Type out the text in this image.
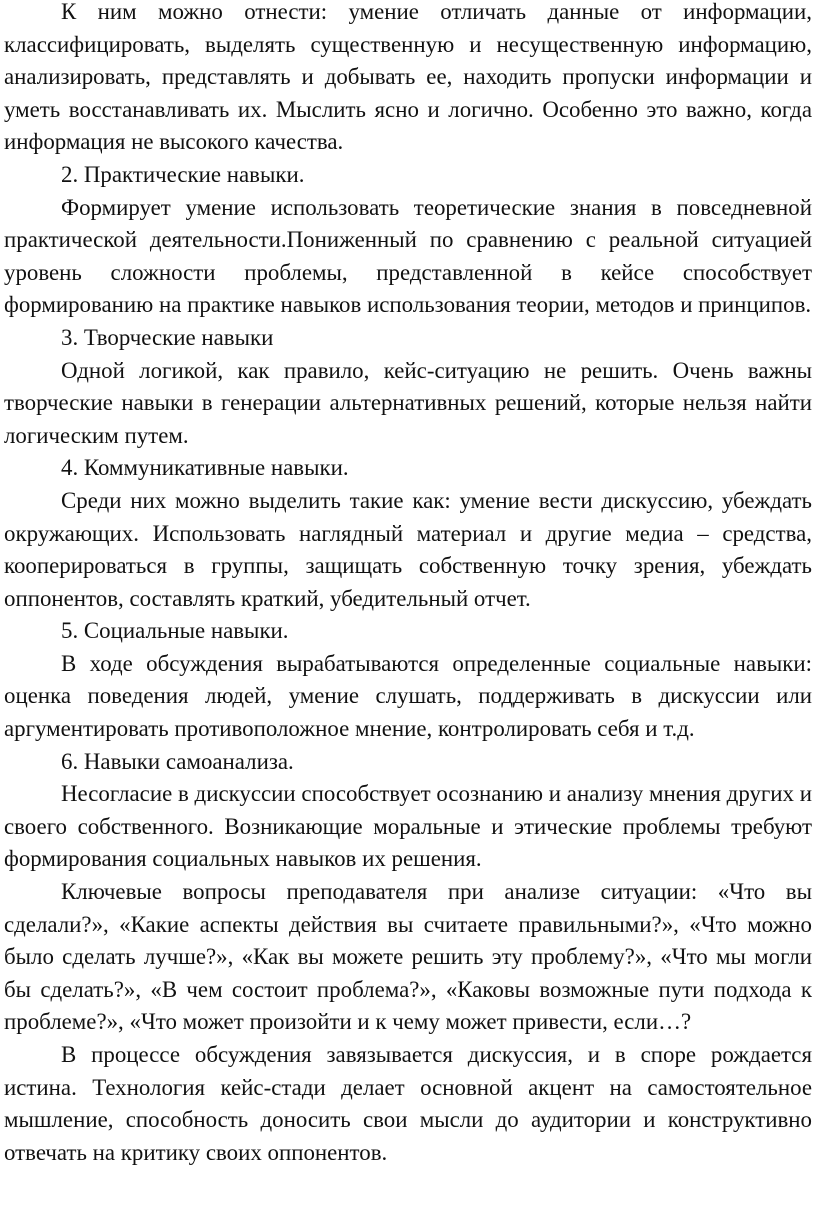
К ним можно отнести: умение отличать данные от информации, классифицировать, выделять существенную и несущественную информацию, анализировать, представлять и добывать ее, находить пропуски информации и уметь восстанавливать их. Мыслить ясно и логично. Особенно это важно, когда информация не высокого качества.

2. Практические навыки.

Формирует умение использовать теоретические знания в повседневной практической деятельности.Пониженный по сравнению с реальной ситуацией уровень сложности проблемы, представленной в кейсе способствует формированию на практике навыков использования теории, методов и принципов.

3. Творческие навыки

Одной логикой, как правило, кейс-ситуацию не решить. Очень важны творческие навыки в генерации альтернативных решений, которые нельзя найти логическим путем.

4. Коммуникативные навыки.

Среди них можно выделить такие как: умение вести дискуссию, убеждать окружающих. Использовать наглядный материал и другие медиа – средства, кооперироваться в группы, защищать собственную точку зрения, убеждать оппонентов, составлять краткий, убедительный отчет.

5. Социальные навыки.

В ходе обсуждения вырабатываются определенные социальные навыки: оценка поведения людей, умение слушать, поддерживать в дискуссии или аргументировать противоположное мнение, контролировать себя и т.д.

6. Навыки самоанализа.

Несогласие в дискуссии способствует осознанию и анализу мнения других и своего собственного. Возникающие моральные и этические проблемы требуют формирования социальных навыков их решения.

Ключевые вопросы преподавателя при анализе ситуации: «Что вы сделали?», «Какие аспекты действия вы считаете правильными?», «Что можно было сделать лучше?», «Как вы можете решить эту проблему?», «Что мы могли бы сделать?», «В чем состоит проблема?», «Каковы возможные пути подхода к проблеме?», «Что может произойти и к чему может привести, если…?

В процессе обсуждения завязывается дискуссия, и в споре рождается истина. Технология кейс-стади делает основной акцент на самостоятельное мышление, способность доносить свои мысли до аудитории и конструктивно отвечать на критику своих оппонентов.
